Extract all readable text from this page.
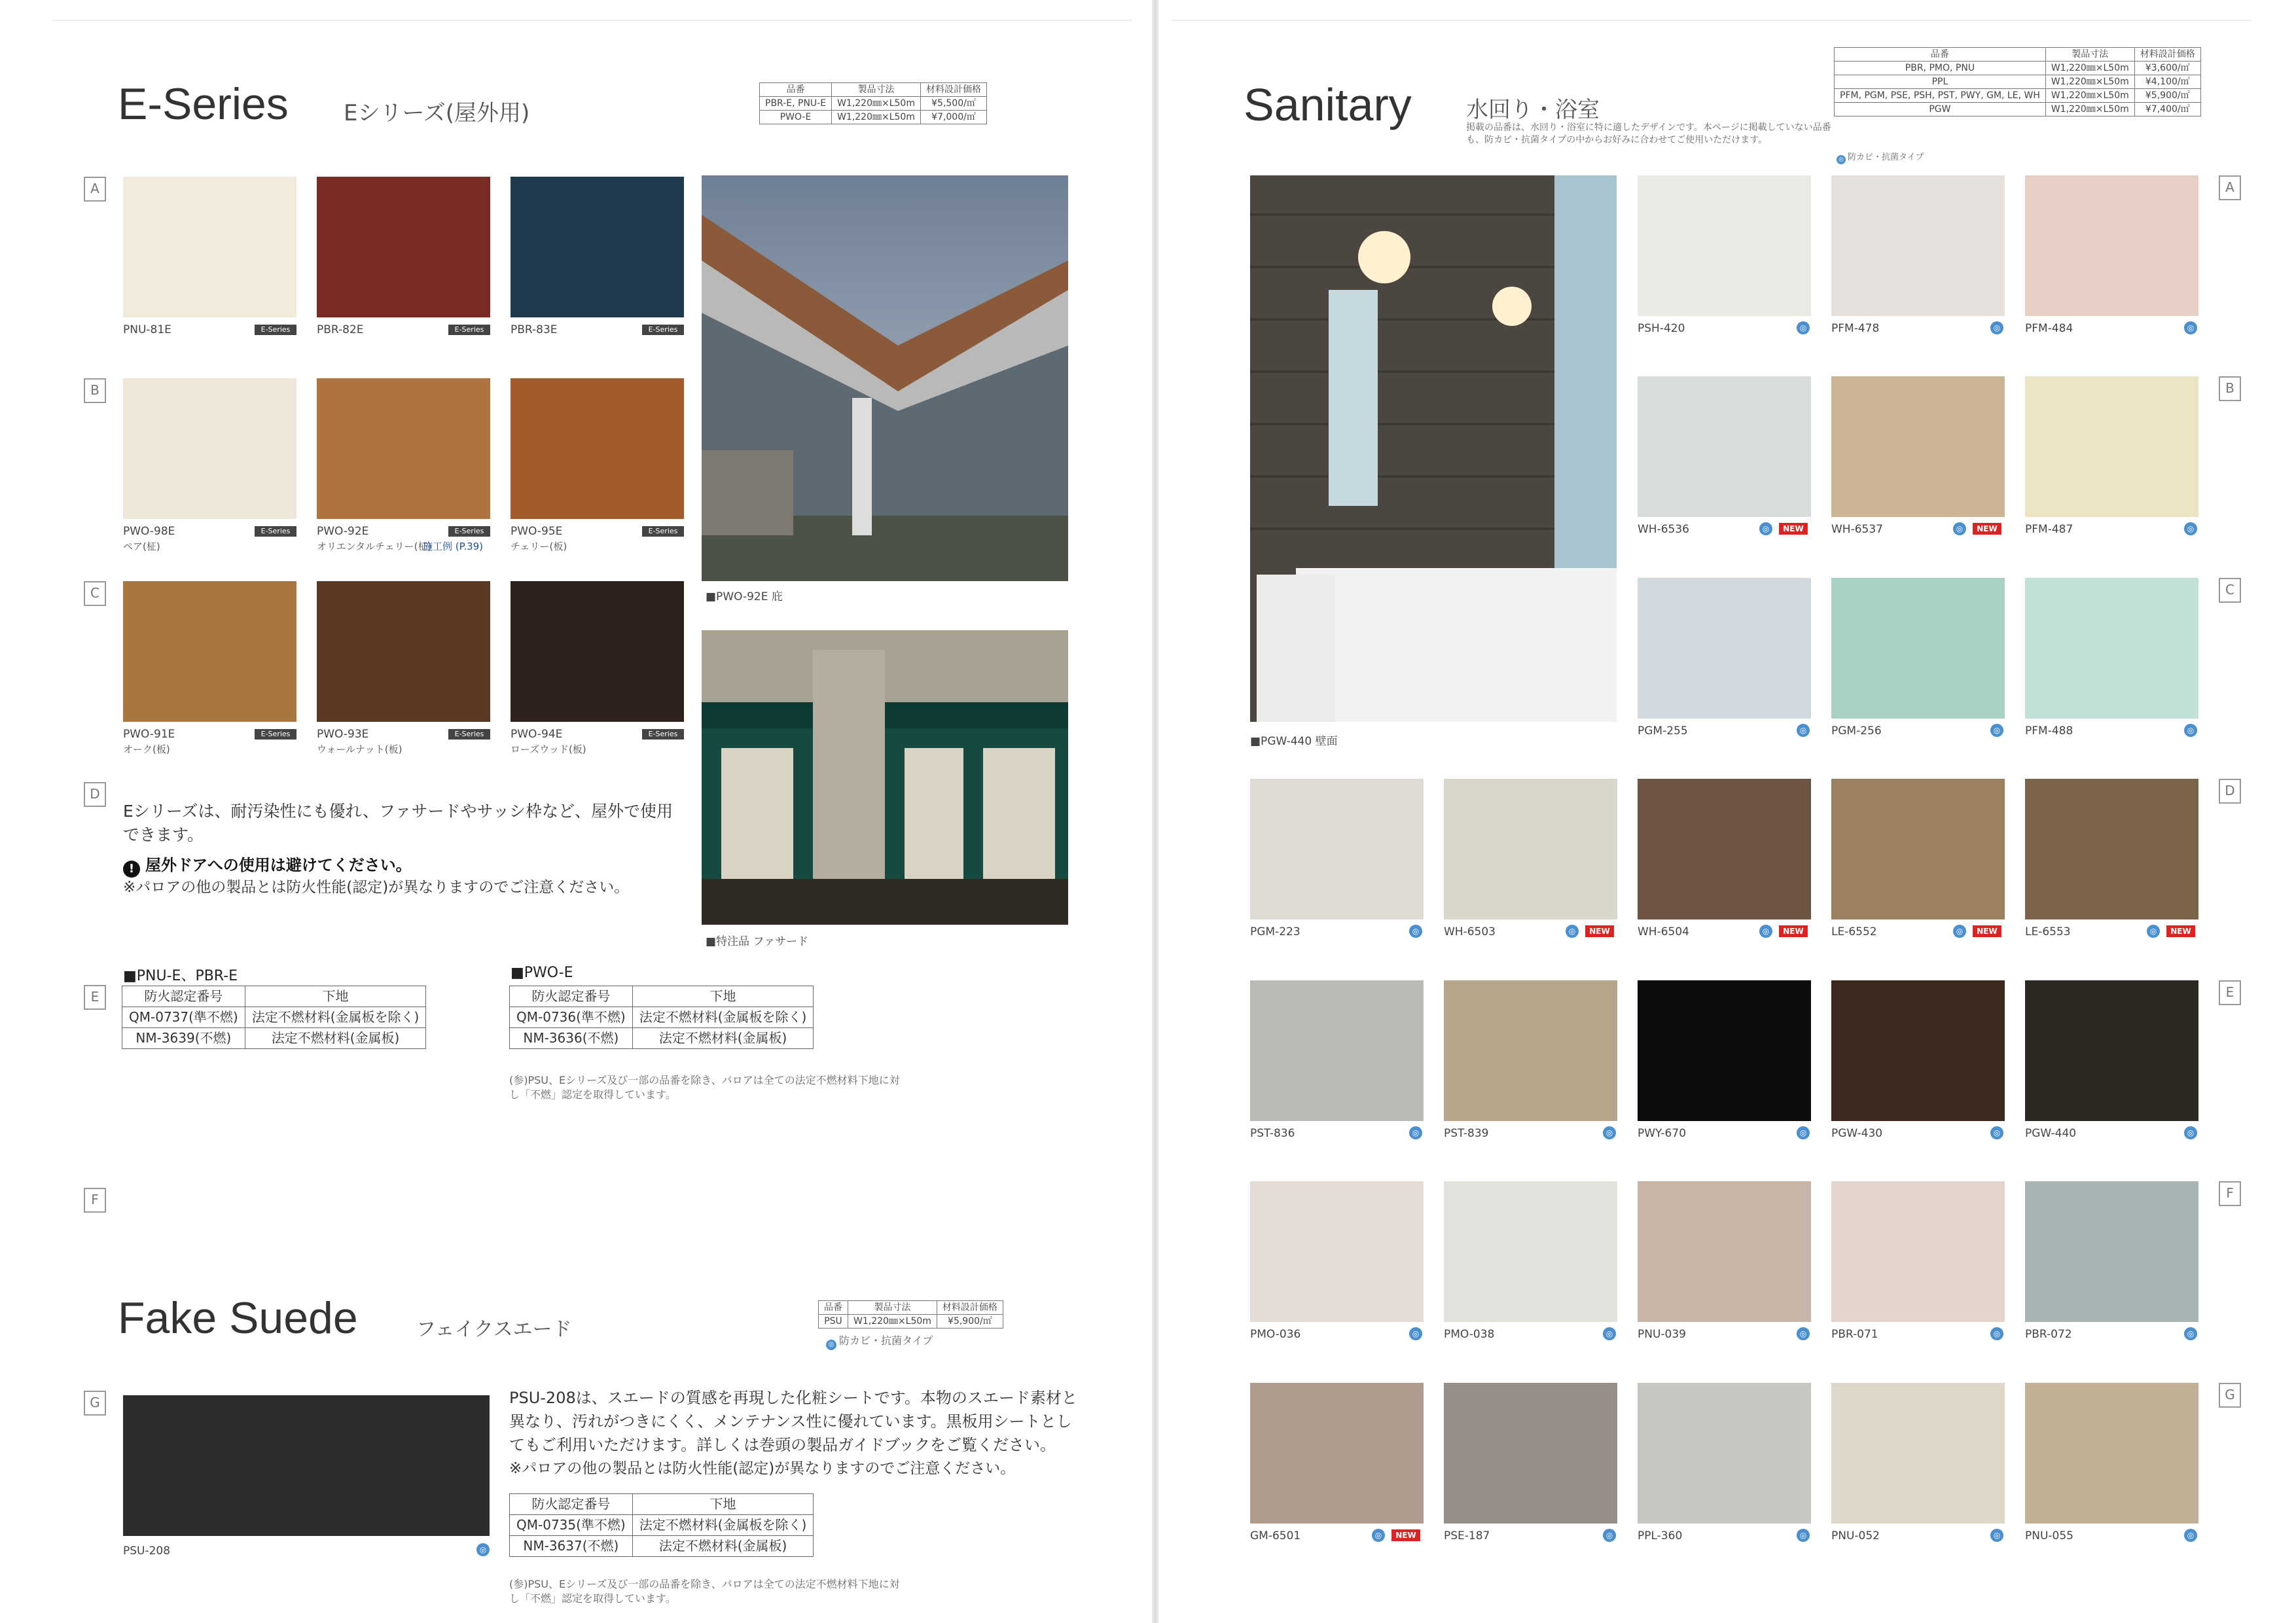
E-Series Eシリーズ(屋外用)
品番	製品寸法	材料設計価格
PBR-E, PNU-E	W1,220㎜×L50m	¥5,500/㎡
PWO-E	W1,220㎜×L50m	¥7,000/㎡
A
B
C
D
E
F
G
PNU-81E	E-Series	PBR-82E	E-Series	PBR-83E	E-Series
PWO-98E	E-Series
ペア(柾)
PWO-92E	E-Series
オリエンタルチェリー(柾)
施工例 (P.39)
PWO-95E	E-Series
チェリー(板)
PWO-91E	E-Series
オーク(板)
PWO-93E	E-Series
ウォールナット(板)
PWO-94E	E-Series
ローズウッド(板)
■PWO-92E 庇
■特注品 ファサード
Eシリーズは、耐汚染性にも優れ、ファサードやサッシ枠など、屋外で使用できます。
! 屋外ドアへの使用は避けてください。
※パロアの他の製品とは防火性能(認定)が異なりますのでご注意ください。
■PNU-E、PBR-E
防火認定番号	下地
QM-0737(準不燃)	法定不燃材料(金属板を除く)
NM-3639(不燃)	法定不燃材料(金属板)
■PWO-E
防火認定番号	下地
QM-0736(準不燃)	法定不燃材料(金属板を除く)
NM-3636(不燃)	法定不燃材料(金属板)
(参)PSU、Eシリーズ及び一部の品番を除き、パロアは全ての法定不燃材料下地に対し「不燃」認定を取得しています。
Fake Suede	フェイクスエード
品番	製品寸法	材料設計価格
PSU	W1,220㎜×L50m	¥5,900/㎡
◎ 防カビ・抗菌タイプ
PSU-208	◎
PSU-208は、スエードの質感を再現した化粧シートです。本物のスエード素材と異なり、汚れがつきにくく、メンテナンス性に優れています。黒板用シートとしてもご利用いただけます。詳しくは巻頭の製品ガイドブックをご覧ください。
※パロアの他の製品とは防火性能(認定)が異なりますのでご注意ください。
防火認定番号	下地
QM-0735(準不燃)	法定不燃材料(金属板を除く)
NM-3637(不燃)	法定不燃材料(金属板)
(参)PSU、Eシリーズ及び一部の品番を除き、パロアは全ての法定不燃材料下地に対し「不燃」認定を取得しています。
Sanitary 水回り・浴室
掲載の品番は、水回り・浴室に特に適したデザインです。本ページに掲載していない品番も、防カビ・抗菌タイプの中からお好みに合わせてご使用いただけます。
品番	製品寸法	材料設計価格
PBR, PMO, PNU	W1,220㎜×L50m	¥3,600/㎡
PPL	W1,220㎜×L50m	¥4,100/㎡
PFM, PGM, PSE, PSH, PST, PWY, GM, LE, WH	W1,220㎜×L50m	¥5,900/㎡
PGW	W1,220㎜×L50m	¥7,400/㎡
◎ 防カビ・抗菌タイプ
■PGW-440 壁面
A
B
C
D
E
F
G
PSH-420	◎ PFM-478	◎ PFM-484	◎
WH-6536	NEW
◎	WH-6537	NEW
◎	PFM-487	◎
PGM-255	◎ PGM-256	◎ PFM-488	◎
PGM-223	◎ WH-6503	NEW
◎	WH-6504	NEW
◎	LE-6552	NEW
◎	LE-6553	NEW
◎
PST-836	◎ PST-839	◎ PWY-670	◎ PGW-430	◎ PGW-440	◎
PMO-036	◎ PMO-038	◎ PNU-039	◎ PBR-071	◎ PBR-072	◎
GM-6501	NEW
◎	PSE-187	◎ PPL-360	◎ PNU-052	◎ PNU-055	◎
